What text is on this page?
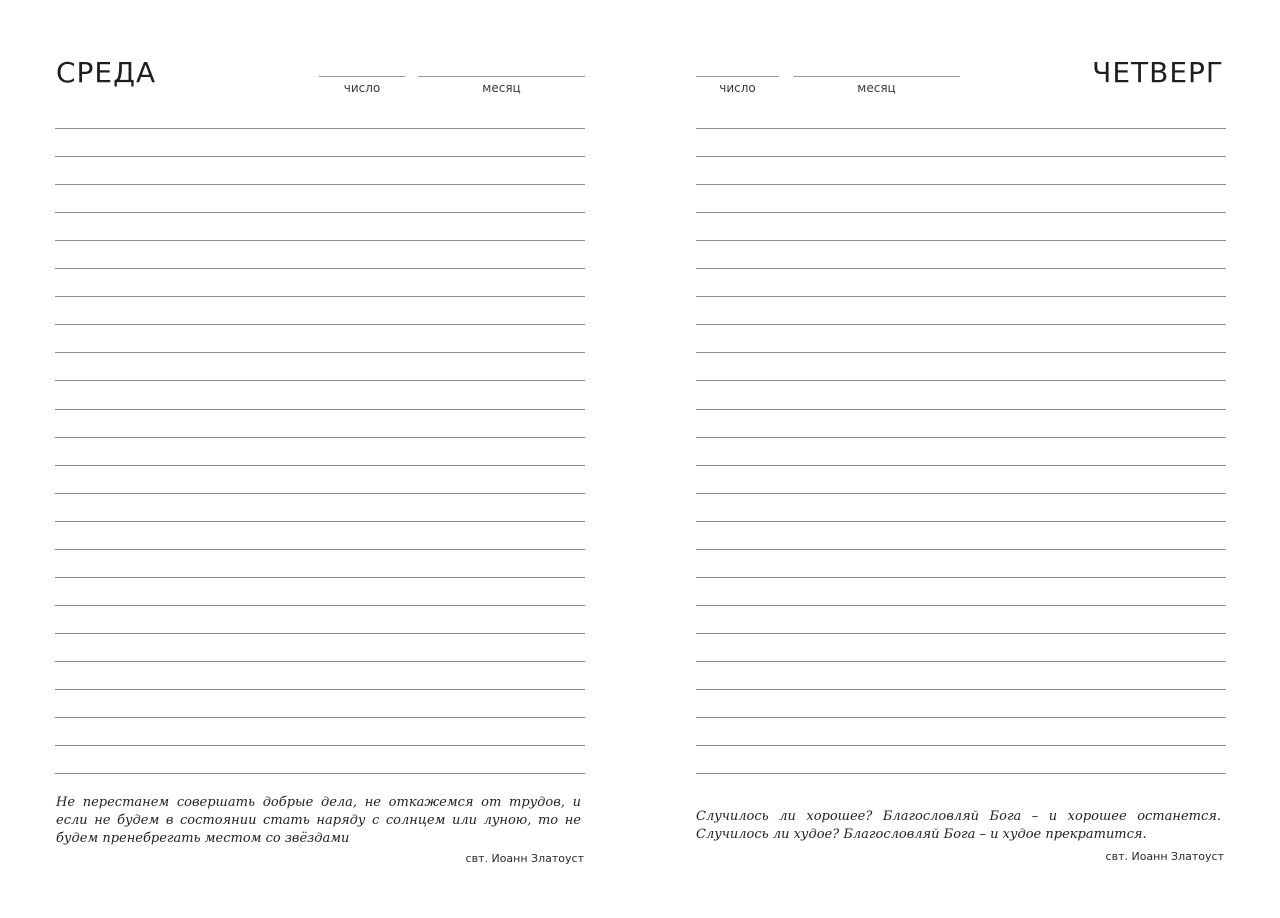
СРЕДА	число	месяц
Не перестанем совершать добрые дела, не откажемся от трудов, и если не будем в состоянии стать наряду с солнцем или луною, то не будем пренебрегать местом со звёздами
свт. Иоанн Златоуст
число	месяц	ЧЕТВЕРГ
Случилось ли хорошее? Благословляй Бога – и хорошее останется. Случилось ли худое? Благословляй Бога – и худое прекратится.
свт. Иоанн Златоуст
